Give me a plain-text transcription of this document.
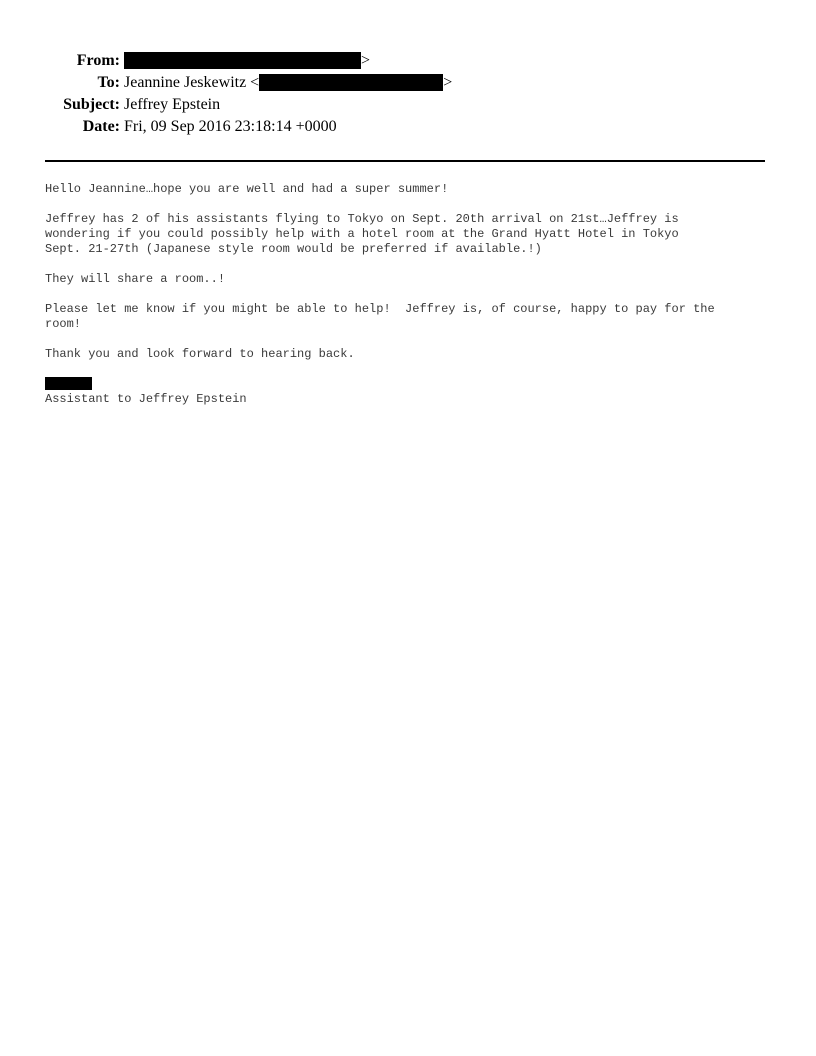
From:	>
To: Jeannine Jeskewitz <	>
Subject: Jeffrey Epstein
Date: Fri, 09 Sep 2016 23:18:14 +0000
Hello Jeannine…hope you are well and had a super summer!
Jeffrey has 2 of his assistants flying to Tokyo on Sept. 20th arrival on 21st…Jeffrey is
wondering if you could possibly help with a hotel room at the Grand Hyatt Hotel in Tokyo
Sept. 21-27th (Japanese style room would be preferred if available.!)
They will share a room..!
Please let me know if you might be able to help!  Jeffrey is, of course, happy to pay for the
room!
Thank you and look forward to hearing back.
Assistant to Jeffrey Epstein
